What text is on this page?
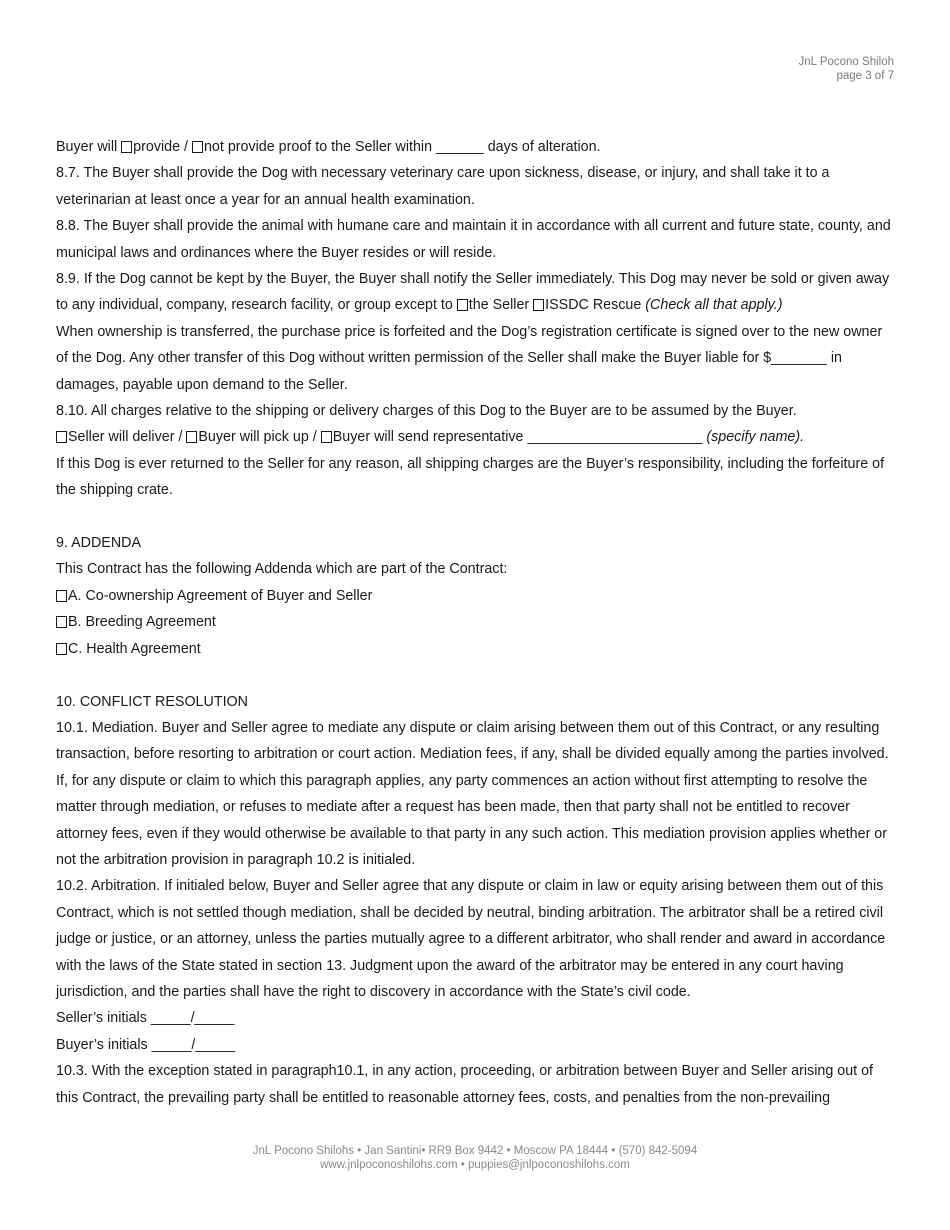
JnL Pocono Shiloh
page 3 of 7

Buyer will provide / not provide proof to the Seller within ______ days of alteration.

8.7. The Buyer shall provide the Dog with necessary veterinary care upon sickness, disease, or injury, and shall take it to a veterinarian at least once a year for an annual health examination.

8.8. The Buyer shall provide the animal with humane care and maintain it in accordance with all current and future state, county, and municipal laws and ordinances where the Buyer resides or will reside.

8.9. If the Dog cannot be kept by the Buyer, the Buyer shall notify the Seller immediately. This Dog may never be sold or given away to any individual, company, research facility, or group except to the Seller ISSDC Rescue (Check all that apply.)

When ownership is transferred, the purchase price is forfeited and the Dog’s registration certificate is signed over to the new owner of the Dog. Any other transfer of this Dog without written permission of the Seller shall make the Buyer liable for $_______ in damages, payable upon demand to the Seller.

8.10. All charges relative to the shipping or delivery charges of this Dog to the Buyer are to be assumed by the Buyer.

Seller will deliver / Buyer will pick up / Buyer will send representative ______________________ (specify name).

If this Dog is ever returned to the Seller for any reason, all shipping charges are the Buyer’s responsibility, including the forfeiture of the shipping crate.

9. ADDENDA

This Contract has the following Addenda which are part of the Contract:

A. Co-ownership Agreement of Buyer and Seller

B. Breeding Agreement

C. Health Agreement

10. CONFLICT RESOLUTION

10.1. Mediation. Buyer and Seller agree to mediate any dispute or claim arising between them out of this Contract, or any resulting transaction, before resorting to arbitration or court action. Mediation fees, if any, shall be divided equally among the parties involved. If, for any dispute or claim to which this paragraph applies, any party commences an action without first attempting to resolve the matter through mediation, or refuses to mediate after a request has been made, then that party shall not be entitled to recover attorney fees, even if they would otherwise be available to that party in any such action. This mediation provision applies whether or not the arbitration provision in paragraph 10.2 is initialed.

10.2. Arbitration. If initialed below, Buyer and Seller agree that any dispute or claim in law or equity arising between them out of this Contract, which is not settled though mediation, shall be decided by neutral, binding arbitration. The arbitrator shall be a retired civil judge or justice, or an attorney, unless the parties mutually agree to a different arbitrator, who shall render and award in accordance with the laws of the State stated in section 13. Judgment upon the award of the arbitrator may be entered in any court having jurisdiction, and the parties shall have the right to discovery in accordance with the State’s civil code.

Seller’s initials _____/_____

Buyer’s initials _____/_____

10.3. With the exception stated in paragraph10.1, in any action, proceeding, or arbitration between Buyer and Seller arising out of this Contract, the prevailing party shall be entitled to reasonable attorney fees, costs, and penalties from the non-prevailing

JnL Pocono Shilohs • Jan Santini• RR9 Box 9442 • Moscow PA 18444 • (570) 842-5094
www.jnlpoconoshilohs.com • puppies@jnlpoconoshilohs.com
